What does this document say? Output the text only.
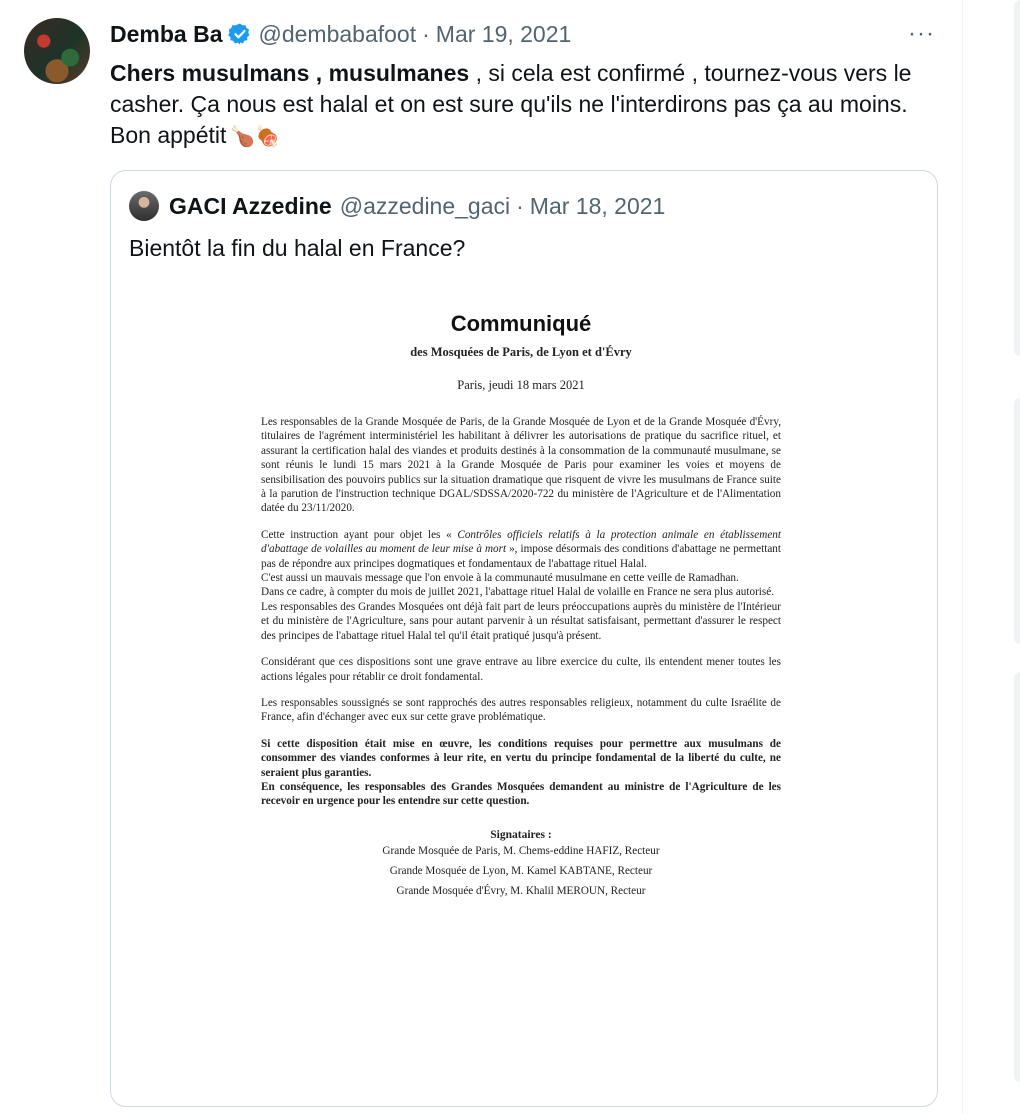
Demba Ba @dembabafoot · Mar 19, 2021	···
Chers musulmans , musulmanes , si cela est confirmé , tournez-vous vers le casher. Ça nous est halal et on est sure qu'ils ne l'interdirons pas ça au moins. Bon appétit 🍗🍖
GACI Azzedine @azzedine_gaci · Mar 18, 2021
Bientôt la fin du halal en France?
Communiqué
des Mosquées de Paris, de Lyon et d'Évry
Paris, jeudi 18 mars 2021

Les responsables de la Grande Mosquée de Paris, de la Grande Mosquée de Lyon et de la Grande Mosquée d'Évry, titulaires de l'agrément interministériel les habilitant à délivrer les autorisations de pratique du sacrifice rituel, et assurant la certification halal des viandes et produits destinés à la consommation de la communauté musulmane, se sont réunis le lundi 15 mars 2021 à la Grande Mosquée de Paris pour examiner les voies et moyens de sensibilisation des pouvoirs publics sur la situation dramatique que risquent de vivre les musulmans de France suite à la parution de l'instruction technique DGAL/SDSSA/2020-722 du ministère de l'Agriculture et de l'Alimentation datée du 23/11/2020.

Cette instruction ayant pour objet les « Contrôles officiels relatifs à la protection animale en établissement d'abattage de volailles au moment de leur mise à mort », impose désormais des conditions d'abattage ne permettant pas de répondre aux principes dogmatiques et fondamentaux de l'abattage rituel Halal.

C'est aussi un mauvais message que l'on envoie à la communauté musulmane en cette veille de Ramadhan.

Dans ce cadre, à compter du mois de juillet 2021, l'abattage rituel Halal de volaille en France ne sera plus autorisé.

Les responsables des Grandes Mosquées ont déjà fait part de leurs préoccupations auprès du ministère de l'Intérieur et du ministère de l'Agriculture, sans pour autant parvenir à un résultat satisfaisant, permettant d'assurer le respect des principes de l'abattage rituel Halal tel qu'il était pratiqué jusqu'à présent.

Considérant que ces dispositions sont une grave entrave au libre exercice du culte, ils entendent mener toutes les actions légales pour rétablir ce droit fondamental.

Les responsables soussignés se sont rapprochés des autres responsables religieux, notamment du culte Israélite de France, afin d'échanger avec eux sur cette grave problématique.

Si cette disposition était mise en œuvre, les conditions requises pour permettre aux musulmans de consommer des viandes conformes à leur rite, en vertu du principe fondamental de la liberté du culte, ne seraient plus garanties.

En conséquence, les responsables des Grandes Mosquées demandent au ministre de l'Agriculture de les recevoir en urgence pour les entendre sur cette question.

Signataires :
Grande Mosquée de Paris, M. Chems-eddine HAFIZ, Recteur
Grande Mosquée de Lyon, M. Kamel KABTANE, Recteur
Grande Mosquée d'Évry, M. Khalil MEROUN, Recteur
